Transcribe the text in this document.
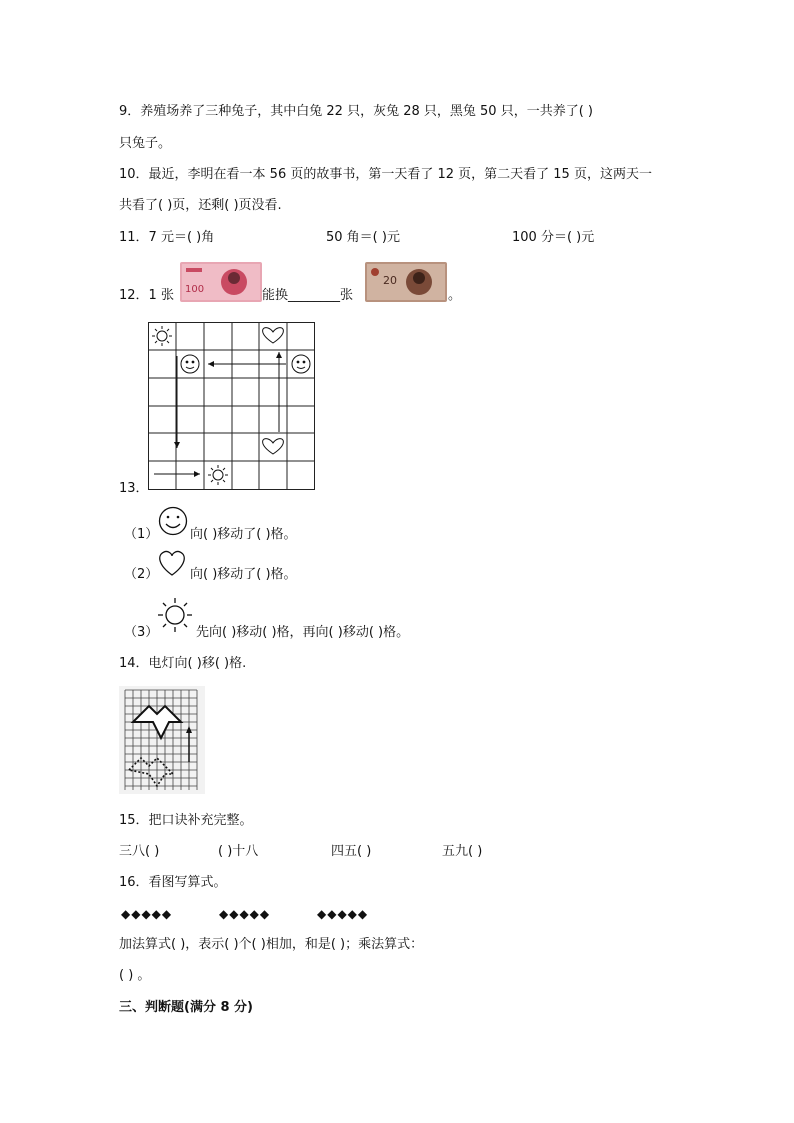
9．养殖场养了三种兔子，其中白兔 22 只，灰兔 28 只，黑兔 50 只，一共养了( )
只兔子。
10．最近，李明在看一本 56 页的故事书，第一天看了 12 页，第二天看了 15 页，这两天一
共看了( )页，还剩( )页没看.
11．7 元＝( )角	50 角＝( )元	100 分＝( )元
12．1 张 100	能换________张
20
。
13．
（1） 向( )移动了( )格。
（2） 向( )移动了( )格。
（3）	先向( )移动( )格，再向( )移动( )格。
14．电灯向( )移( )格.
15．把口诀补充完整。
三八( )	( )十八	四五( )	五九( )
16．看图写算式。
◆◆◆◆◆	◆◆◆◆◆	◆◆◆◆◆
加法算式( )，表示( )个( )相加，和是( )；乘法算式：
( ) 。
三、判断题(满分 8 分)
